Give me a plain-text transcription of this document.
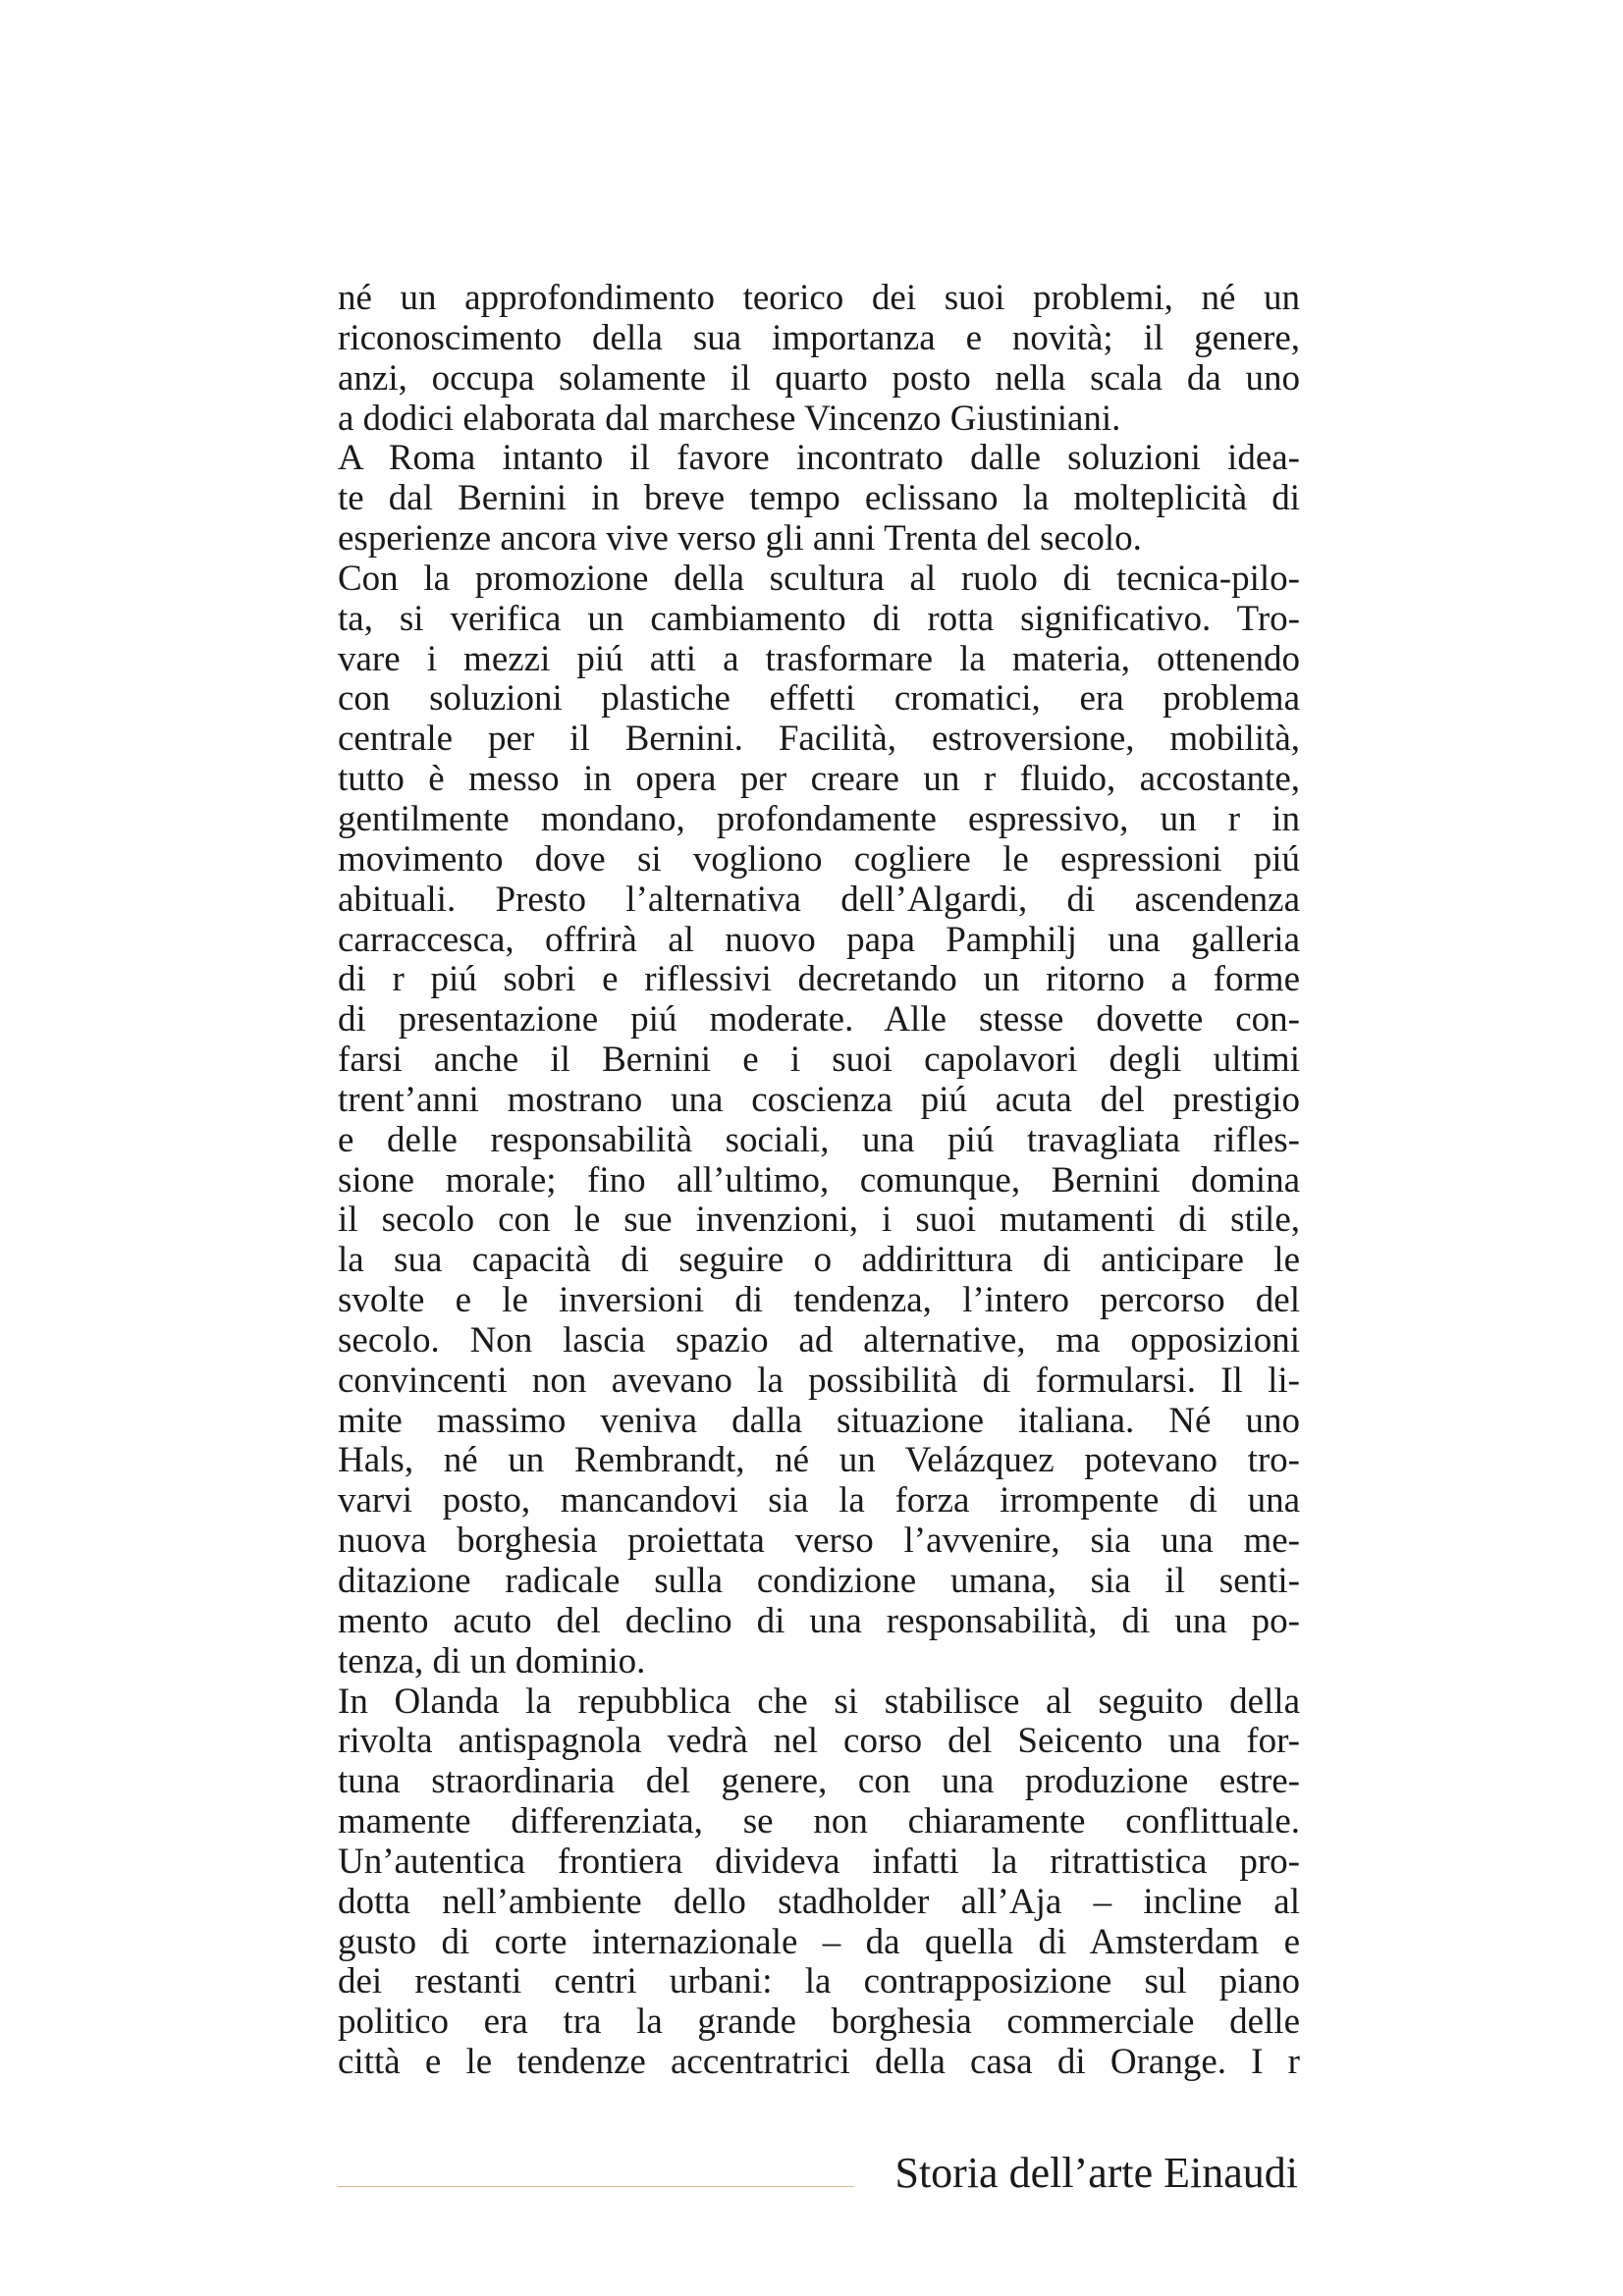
né un approfondimento teorico dei suoi problemi, né un
riconoscimento della sua importanza e novità; il genere,
anzi, occupa solamente il quarto posto nella scala da uno
a dodici elaborata dal marchese Vincenzo Giustiniani.
A Roma intanto il favore incontrato dalle soluzioni idea-
te dal Bernini in breve tempo eclissano la molteplicità di
esperienze ancora vive verso gli anni Trenta del secolo.
Con la promozione della scultura al ruolo di tecnica-pilo-
ta, si verifica un cambiamento di rotta significativo. Tro-
vare i mezzi piú atti a trasformare la materia, ottenendo
con soluzioni plastiche effetti cromatici, era problema
centrale per il Bernini. Facilità, estroversione, mobilità,
tutto è messo in opera per creare un r fluido, accostante,
gentilmente mondano, profondamente espressivo, un r in
movimento dove si vogliono cogliere le espressioni piú
abituali. Presto l’alternativa dell’Algardi, di ascendenza
carraccesca, offrirà al nuovo papa Pamphilj una galleria
di r piú sobri e riflessivi decretando un ritorno a forme
di presentazione piú moderate. Alle stesse dovette con-
farsi anche il Bernini e i suoi capolavori degli ultimi
trent’anni mostrano una coscienza piú acuta del prestigio
e delle responsabilità sociali, una piú travagliata rifles-
sione morale; fino all’ultimo, comunque, Bernini domina
il secolo con le sue invenzioni, i suoi mutamenti di stile,
la sua capacità di seguire o addirittura di anticipare le
svolte e le inversioni di tendenza, l’intero percorso del
secolo. Non lascia spazio ad alternative, ma opposizioni
convincenti non avevano la possibilità di formularsi. Il li-
mite massimo veniva dalla situazione italiana. Né uno
Hals, né un Rembrandt, né un Velázquez potevano tro-
varvi posto, mancandovi sia la forza irrompente di una
nuova borghesia proiettata verso l’avvenire, sia una me-
ditazione radicale sulla condizione umana, sia il senti-
mento acuto del declino di una responsabilità, di una po-
tenza, di un dominio.
In Olanda la repubblica che si stabilisce al seguito della
rivolta antispagnola vedrà nel corso del Seicento una for-
tuna straordinaria del genere, con una produzione estre-
mamente differenziata, se non chiaramente conflittuale.
Un’autentica frontiera divideva infatti la ritrattistica pro-
dotta nell’ambiente dello stadholder all’Aja – incline al
gusto di corte internazionale – da quella di Amsterdam e
dei restanti centri urbani: la contrapposizione sul piano
politico era tra la grande borghesia commerciale delle
città e le tendenze accentratrici della casa di Orange. I r
Storia dell’arte Einaudi
